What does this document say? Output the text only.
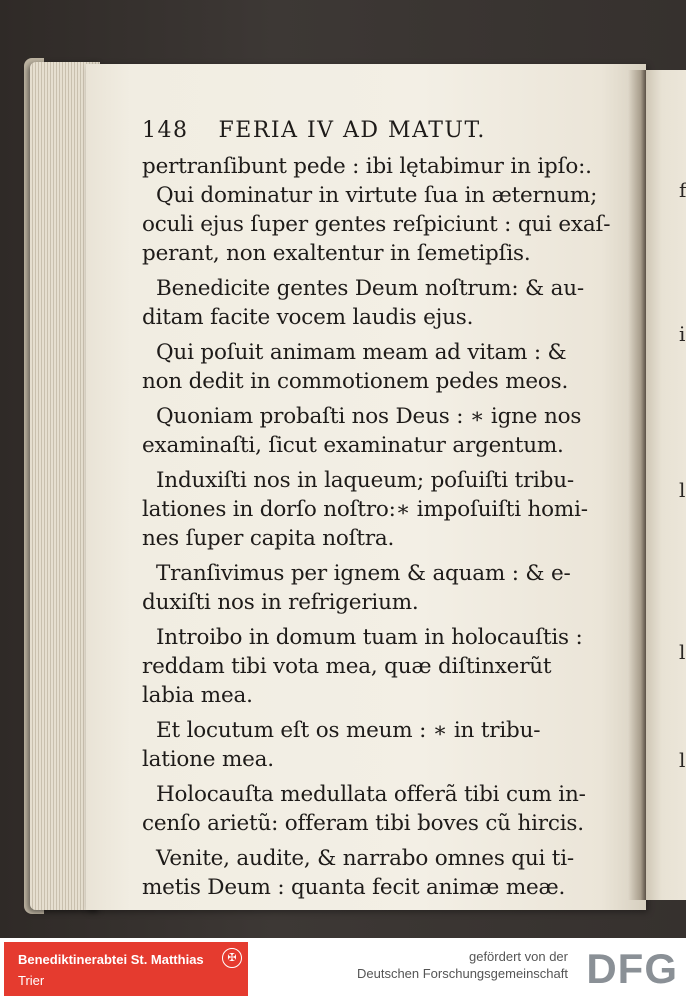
f
i
l
l
l
148 FERIA IV AD MATUT.
pertranſibunt pede : ibi lętabimur in ipſo:.
Qui dominatur in virtute ſua in æternum;
oculi ejus ſuper gentes reſpiciunt : qui exaſ-
perant, non exaltentur in ſemetipſis.
Benedicite gentes Deum noſtrum: & au-
ditam facite vocem laudis ejus.
Qui poſuit animam meam ad vitam : &
non dedit in commotionem pedes meos.
Quoniam probaſti nos Deus : ∗ igne nos
examinaſti, ſicut examinatur argentum.
Induxiſti nos in laqueum; poſuiſti tribu-
lationes in dorſo noſtro:∗ impoſuiſti homi-
nes ſuper capita noſtra.
Tranſivimus per ignem & aquam : & e-
duxiſti nos in refrigerium.
Introibo in domum tuam in holocauſtis :
reddam tibi vota mea, quæ diſtinxerũt
labia mea.
Et locutum eſt os meum : ∗ in tribu-
latione mea.
Holocauſta medullata offerã tibi cum in-
cenſo arietũ: offeram tibi boves cũ hircis.
Venite, audite, & narrabo omnes qui ti-
metis Deum : quanta fecit animæ meæ.
Benediktinerabtei St. Matthias
Trier
✠	gefördert von der
Deutschen Forschungsgemeinschaft DFG
